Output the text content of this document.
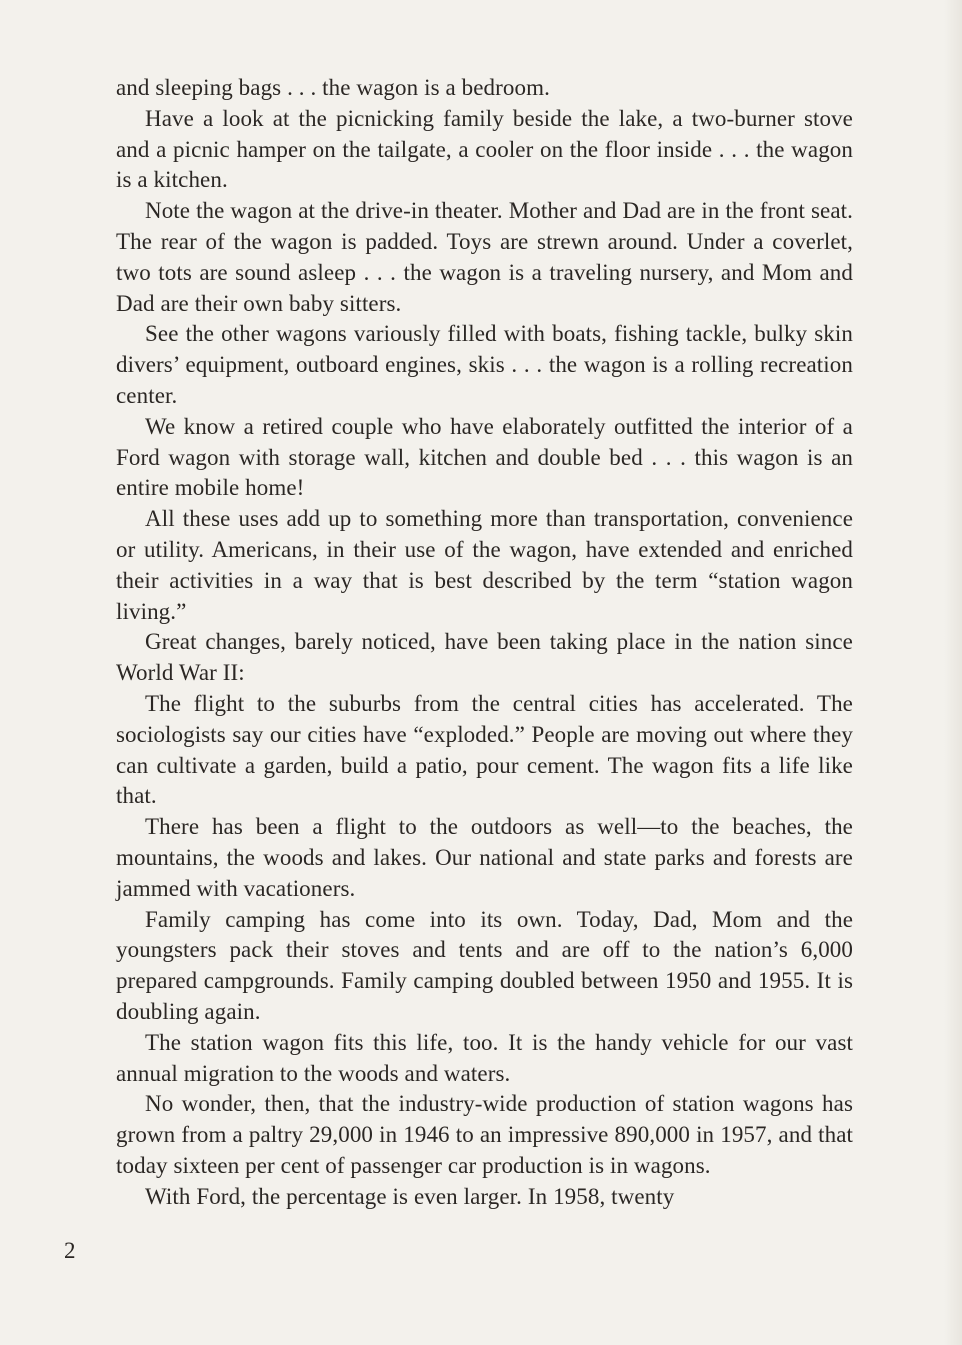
and sleeping bags . . . the wagon is a bedroom.

Have a look at the picnicking family beside the lake, a two-burner stove and a picnic hamper on the tailgate, a cooler on the floor inside . . . the wagon is a kitchen.

Note the wagon at the drive-in theater. Mother and Dad are in the front seat. The rear of the wagon is padded. Toys are strewn around. Under a coverlet, two tots are sound asleep . . . the wagon is a traveling nursery, and Mom and Dad are their own baby sitters.

See the other wagons variously filled with boats, fishing tackle, bulky skin divers’ equipment, outboard engines, skis . . . the wagon is a rolling recreation center.

We know a retired couple who have elaborately outfitted the interior of a Ford wagon with storage wall, kitchen and double bed . . . this wagon is an entire mobile home!

All these uses add up to something more than transportation, convenience or utility. Americans, in their use of the wagon, have extended and enriched their activities in a way that is best described by the term “station wagon living.”

Great changes, barely noticed, have been taking place in the nation since World War II:

The flight to the suburbs from the central cities has accelerated. The sociologists say our cities have “exploded.” People are moving out where they can cultivate a garden, build a patio, pour cement. The wagon fits a life like that.

There has been a flight to the outdoors as well—to the beaches, the mountains, the woods and lakes. Our national and state parks and forests are jammed with vacationers.

Family camping has come into its own. Today, Dad, Mom and the youngsters pack their stoves and tents and are off to the nation’s 6,000 prepared campgrounds. Family camping doubled between 1950 and 1955. It is doubling again.

The station wagon fits this life, too. It is the handy vehicle for our vast annual migration to the woods and waters.

No wonder, then, that the industry-wide production of station wagons has grown from a paltry 29,000 in 1946 to an impressive 890,000 in 1957, and that today sixteen per cent of passenger car production is in wagons.

With Ford, the percentage is even larger. In 1958, twenty

2
